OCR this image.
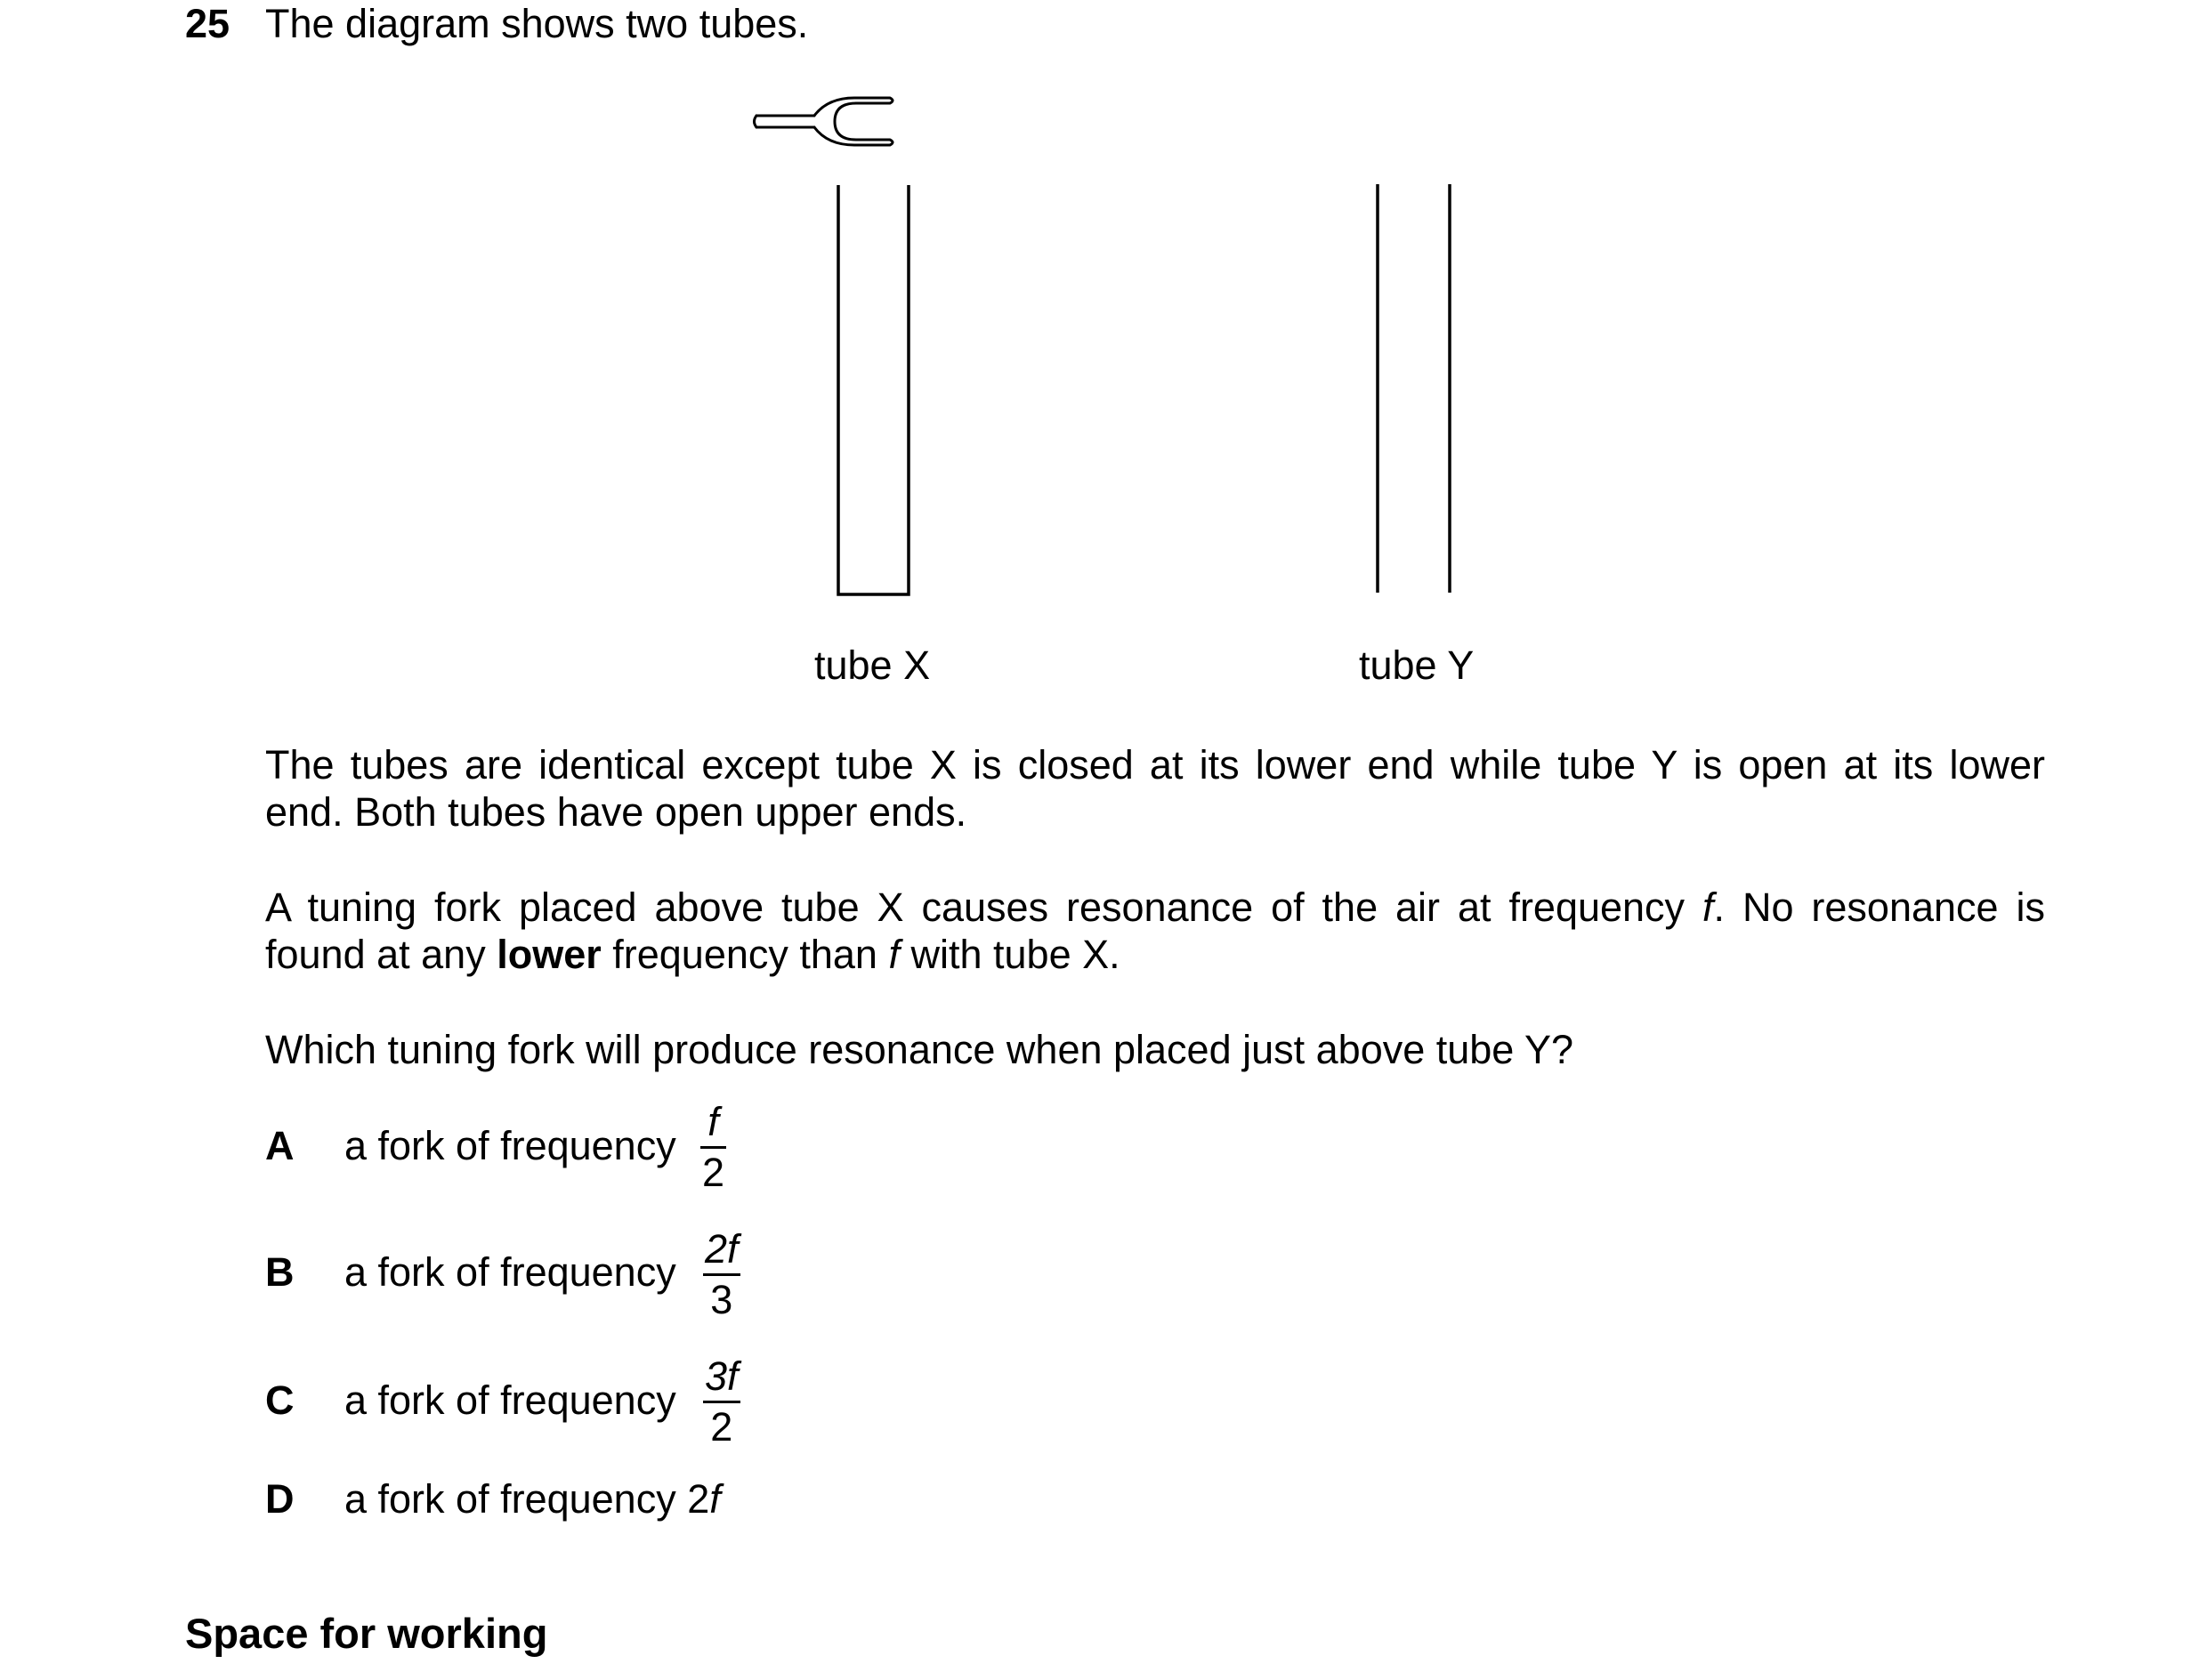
25 The diagram shows two tubes.
tube X	tube Y
The tubes are identical except tube X is closed at its lower end while tube Y is open at its lower
end. Both tubes have open upper ends.
A tuning fork placed above tube X causes resonance of the air at frequency f. No resonance is
found at any lower frequency than f with tube X.
Which tuning fork will produce resonance when placed just above tube Y?
A a fork of frequency
f
2
B a fork of frequency
2f
3
C a fork of frequency
3f
2
D a fork of frequency 2f
Space for working
